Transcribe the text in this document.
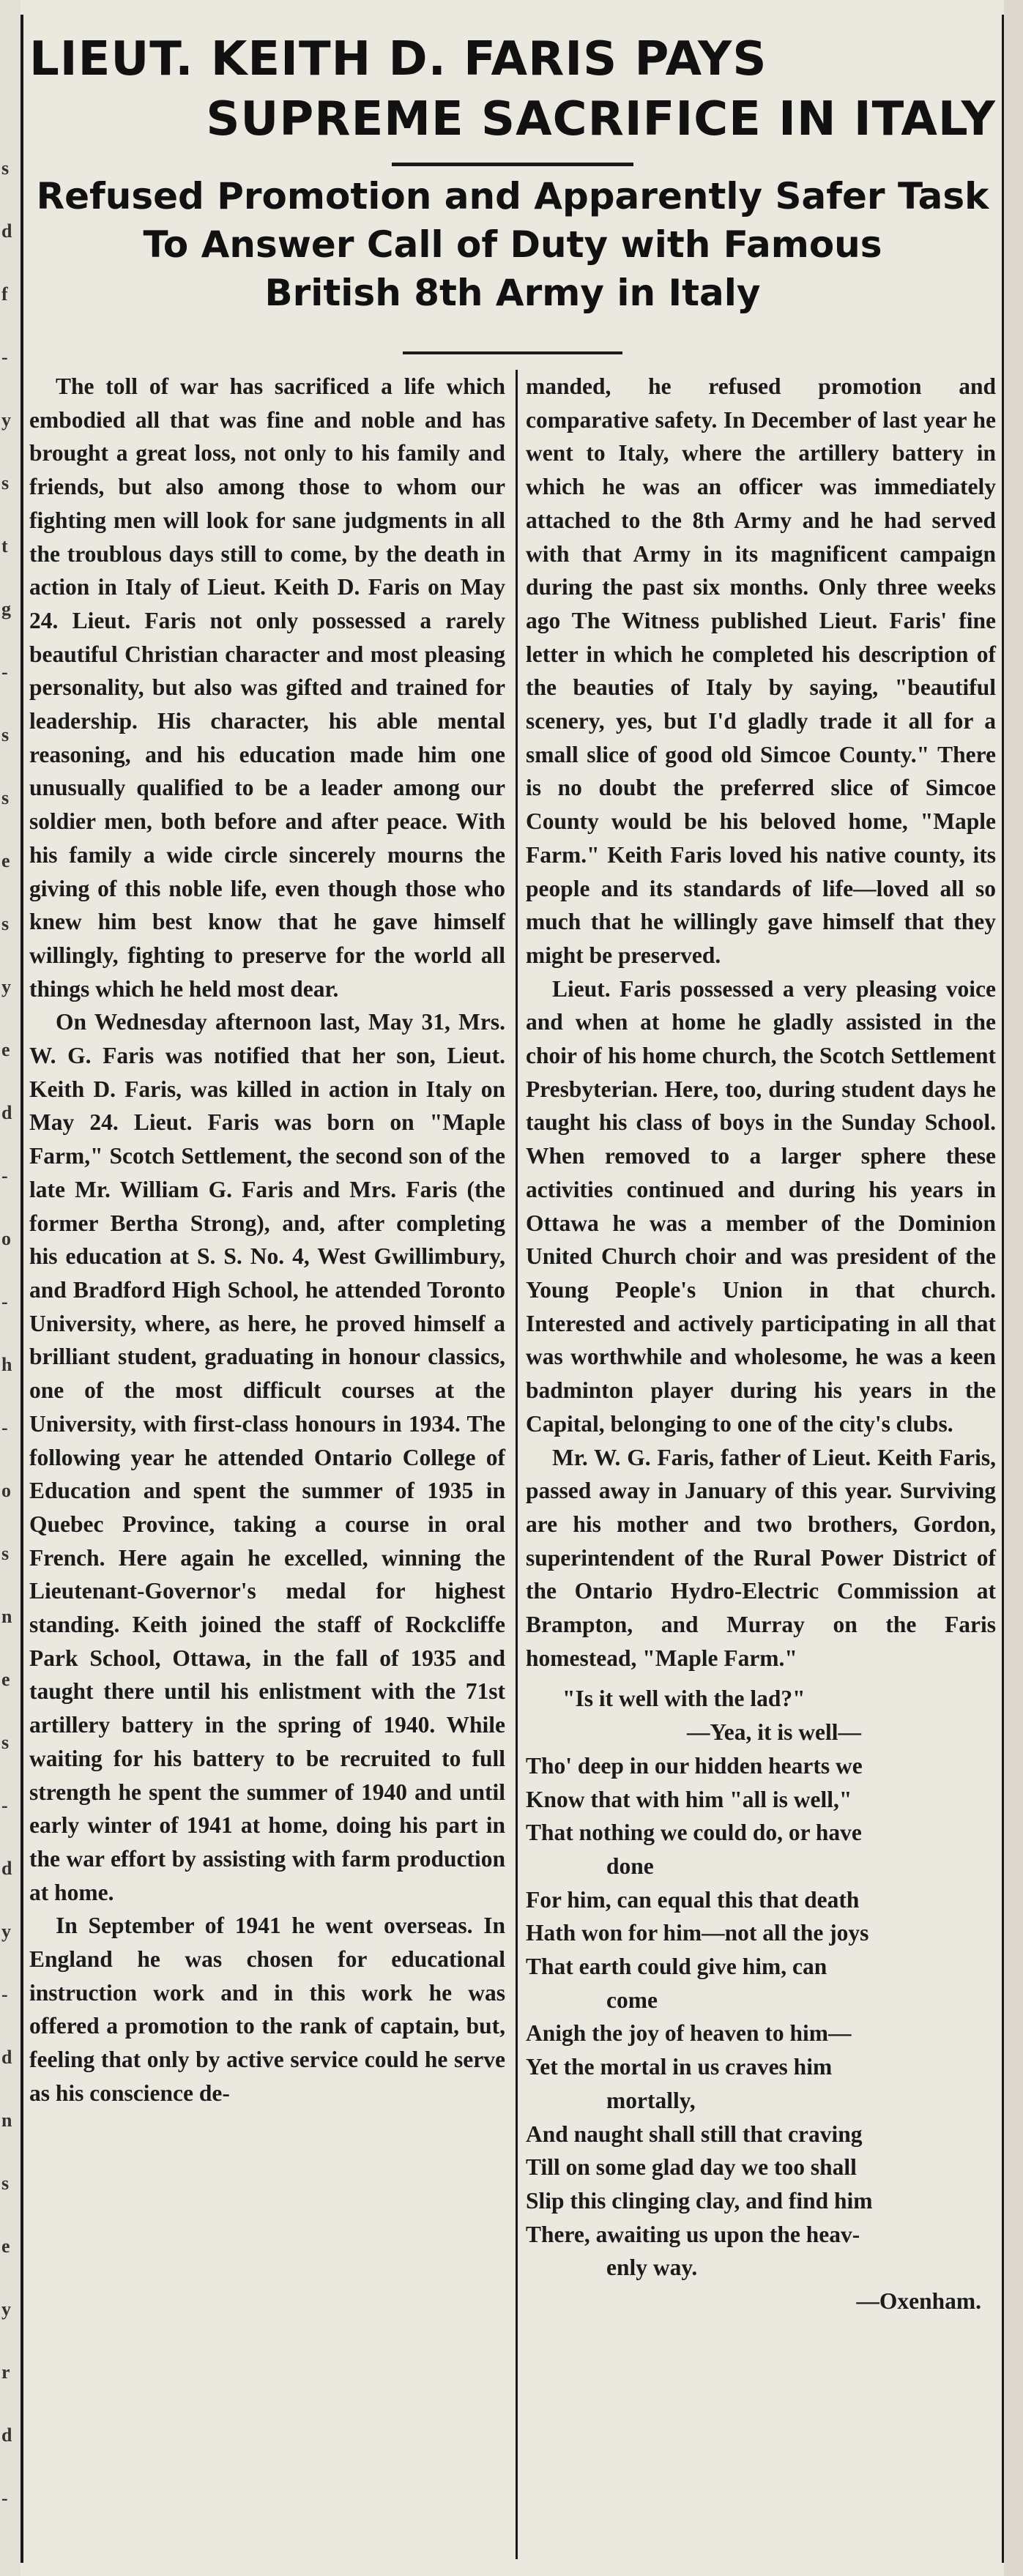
s
d
f
-
y
s
t
g
-
s
s
e
s
y
e
d
-
o
-
h
-
o
s
n
e
s
-
d
y
-
d
n
s
e
y
r
d
-
LIEUT. KEITH D. FARIS PAYS
SUPREME SACRIFICE IN ITALY
Refused Promotion and Apparently Safer Task
To Answer Call of Duty with Famous
British 8th Army in Italy

The toll of war has sacrificed a life which embodied all that was fine and noble and has brought a great loss, not only to his family and friends, but also among those to whom our fighting men will look for sane judgments in all the troublous days still to come, by the death in action in Italy of Lieut. Keith D. Faris on May 24. Lieut. Faris not only possessed a rarely beautiful Christian character and most pleasing personality, but also was gifted and trained for leadership. His character, his able mental reasoning, and his education made him one unusually qualified to be a leader among our soldier men, both before and after peace. With his family a wide circle sincerely mourns the giving of this noble life, even though those who knew him best know that he gave himself willingly, fighting to preserve for the world all things which he held most dear.

On Wednesday afternoon last, May 31, Mrs. W. G. Faris was notified that her son, Lieut. Keith D. Faris, was killed in action in Italy on May 24. Lieut. Faris was born on "Maple Farm," Scotch Settlement, the second son of the late Mr. William G. Faris and Mrs. Faris (the former Bertha Strong), and, after completing his education at S. S. No. 4, West Gwillimbury, and Bradford High School, he attended Toronto University, where, as here, he proved himself a brilliant student, graduating in honour classics, one of the most difficult courses at the University, with first-class honours in 1934. The following year he attended Ontario College of Education and spent the summer of 1935 in Quebec Province, taking a course in oral French. Here again he excelled, winning the Lieutenant-Governor's medal for highest standing. Keith joined the staff of Rockcliffe Park School, Ottawa, in the fall of 1935 and taught there until his enlistment with the 71st artillery battery in the spring of 1940. While waiting for his battery to be recruited to full strength he spent the summer of 1940 and until early winter of 1941 at home, doing his part in the war effort by assisting with farm production at home.

In September of 1941 he went overseas. In England he was chosen for educational instruction work and in this work he was offered a promotion to the rank of captain, but, feeling that only by active service could he serve as his conscience de-

manded, he refused promotion and comparative safety. In December of last year he went to Italy, where the artillery battery in which he was an officer was immediately attached to the 8th Army and he had served with that Army in its magnificent campaign during the past six months. Only three weeks ago The Witness published Lieut. Faris' fine letter in which he completed his description of the beauties of Italy by saying, "beautiful scenery, yes, but I'd gladly trade it all for a small slice of good old Simcoe County." There is no doubt the preferred slice of Simcoe County would be his beloved home, "Maple Farm." Keith Faris loved his native county, its people and its standards of life—loved all so much that he willingly gave himself that they might be preserved.

Lieut. Faris possessed a very pleasing voice and when at home he gladly assisted in the choir of his home church, the Scotch Settlement Presbyterian. Here, too, during student days he taught his class of boys in the Sunday School. When removed to a larger sphere these activities continued and during his years in Ottawa he was a member of the Dominion United Church choir and was president of the Young People's Union in that church. Interested and actively participating in all that was worthwhile and wholesome, he was a keen badminton player during his years in the Capital, belonging to one of the city's clubs.

Mr. W. G. Faris, father of Lieut. Keith Faris, passed away in January of this year. Surviving are his mother and two brothers, Gordon, superintendent of the Rural Power District of the Ontario Hydro-Electric Commission at Brampton, and Murray on the Faris homestead, "Maple Farm."

"Is it well with the lad?"
—Yea, it is well—
Tho' deep in our hidden hearts we
Know that with him "all is well,"
That nothing we could do, or have
done
For him, can equal this that death
Hath won for him—not all the joys
That earth could give him, can
come
Anigh the joy of heaven to him—
Yet the mortal in us craves him
mortally,
And naught shall still that craving
Till on some glad day we too shall
Slip this clinging clay, and find him
There, awaiting us upon the heav-
enly way.
—Oxenham.
